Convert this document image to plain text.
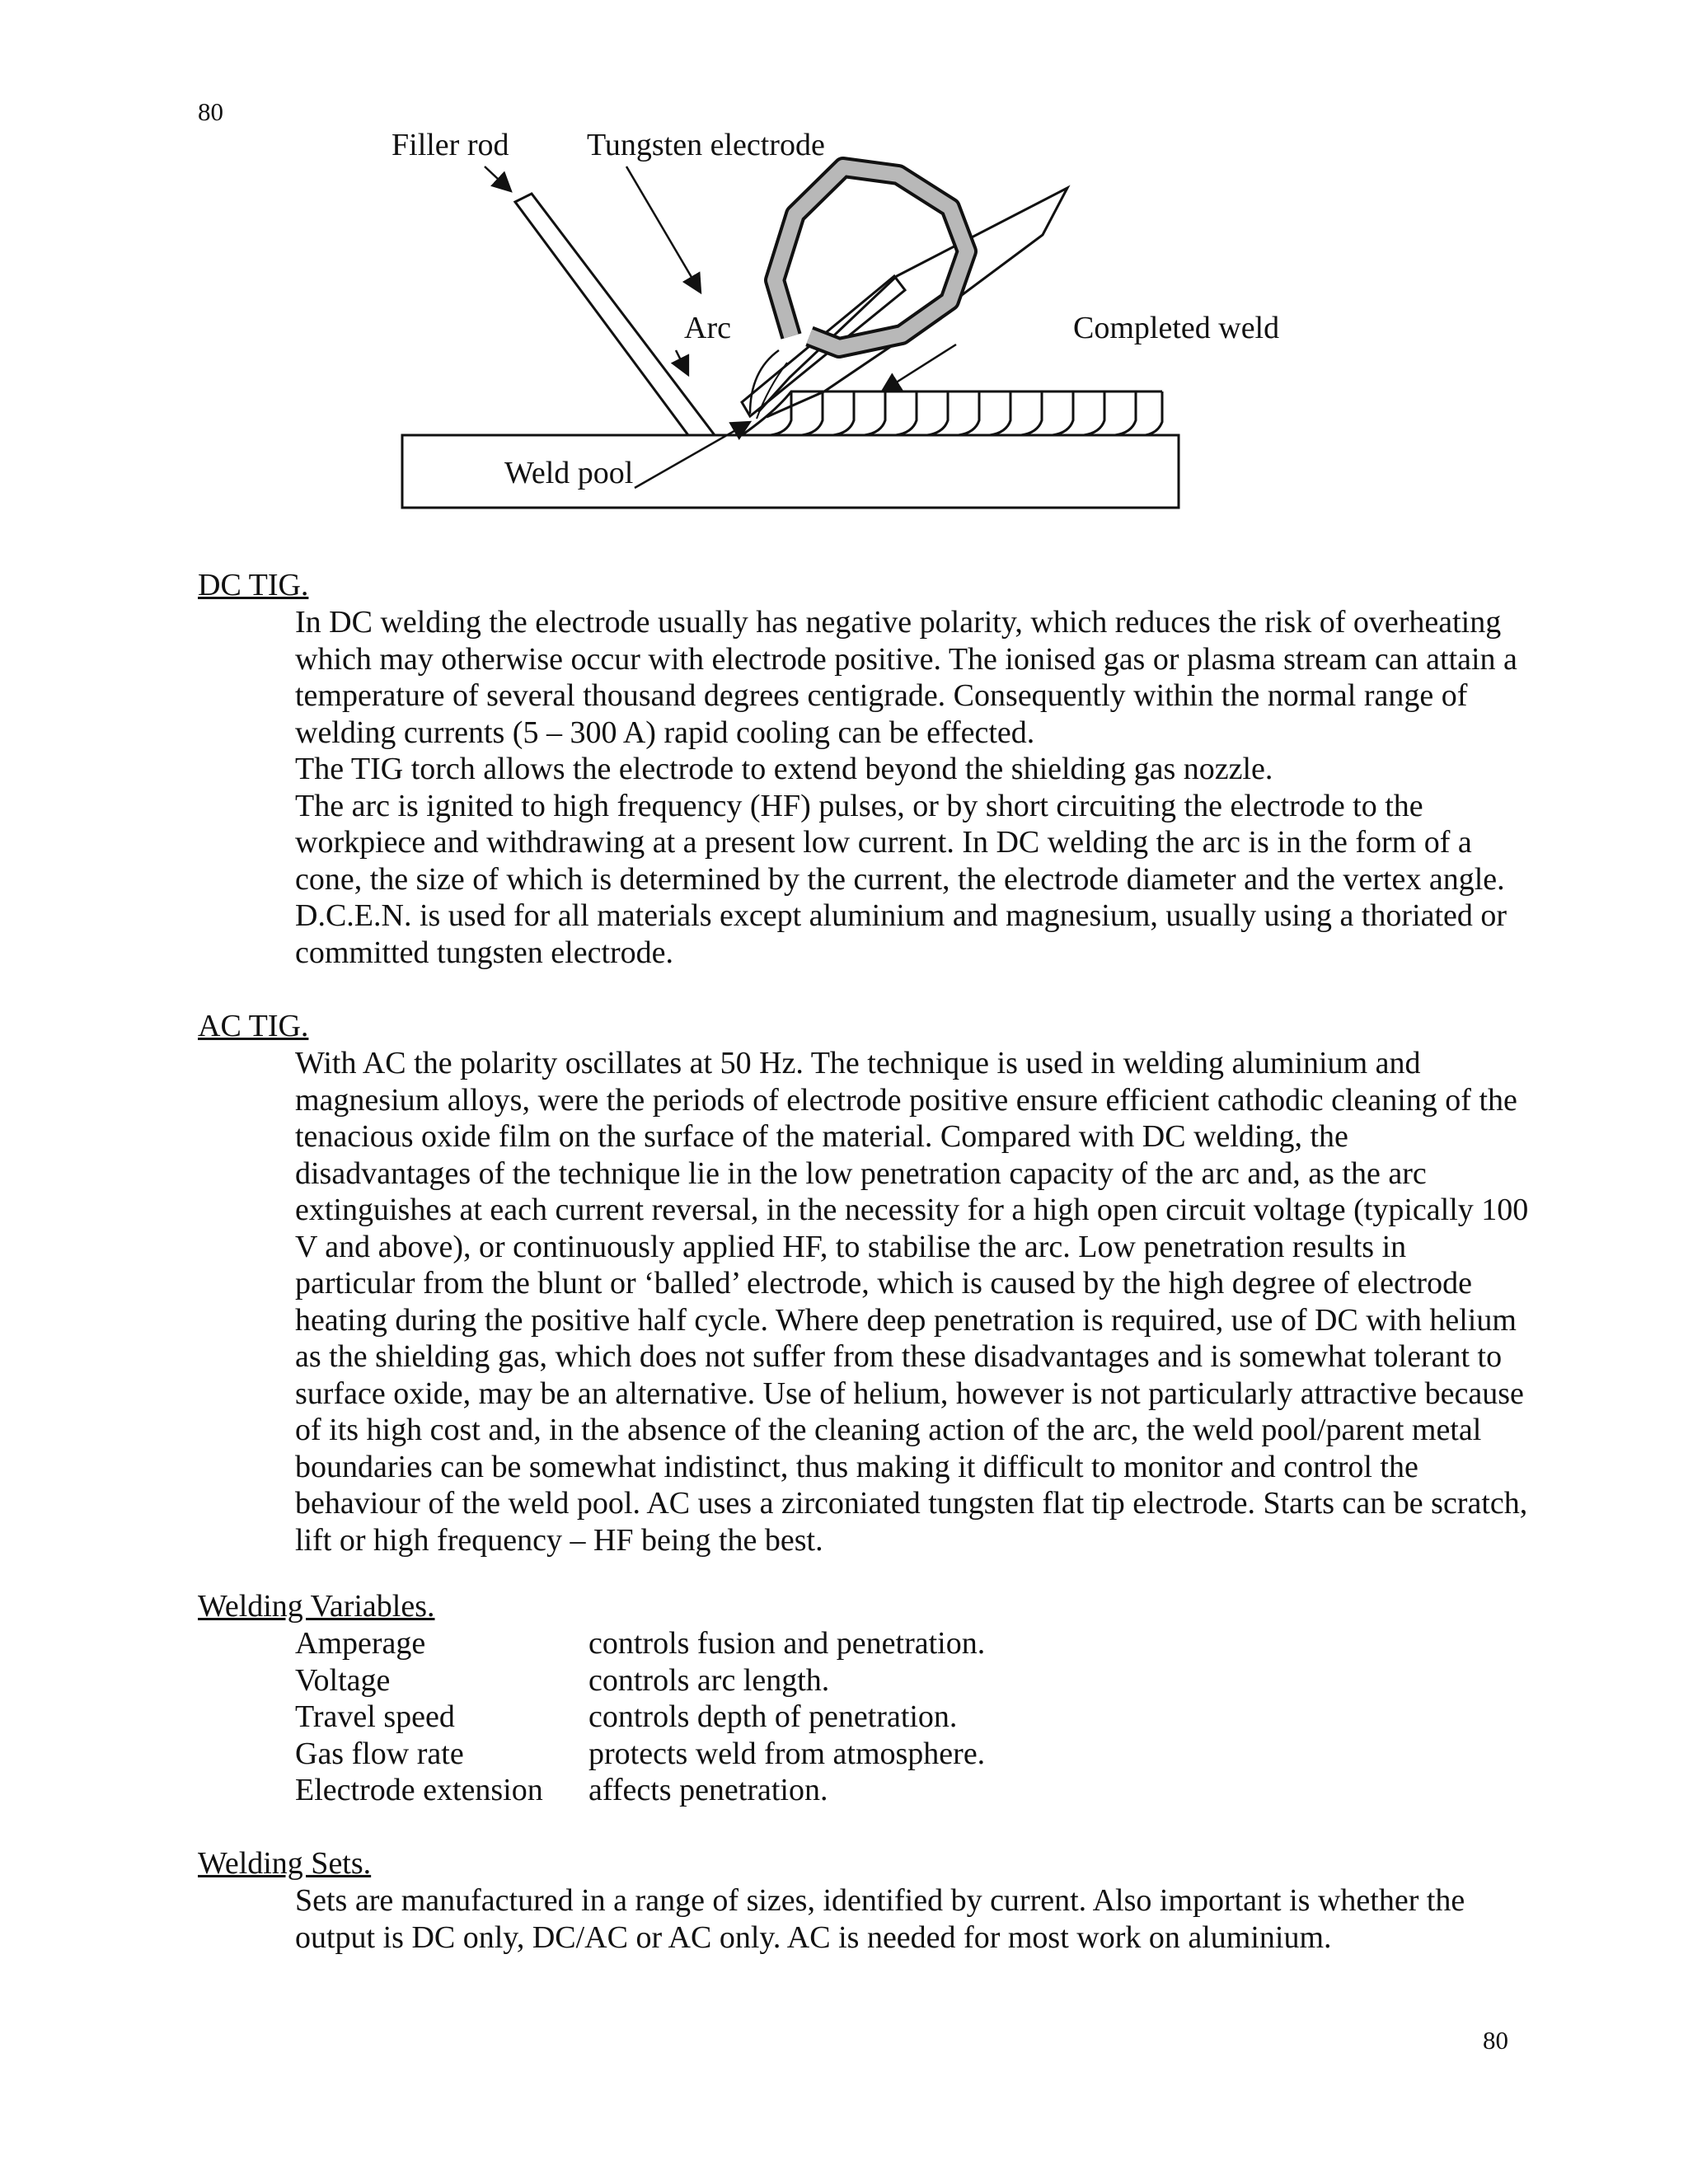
80
Filler rod Tungsten electrode
Arc	Completed weld
Weld pool
DC TIG.

In DC welding the electrode usually has negative polarity, which reduces the risk of overheating which may otherwise occur with electrode positive. The ionised gas or plasma stream can attain a temperature of several thousand degrees centigrade. Consequently within the normal range of welding currents (5 – 300 A) rapid cooling can be effected.

The TIG torch allows the electrode to extend beyond the shielding gas nozzle.

The arc is ignited to high frequency (HF) pulses, or by short circuiting the electrode to the workpiece and withdrawing at a present low current. In DC welding the arc is in the form of a cone, the size of which is determined by the current, the electrode diameter and the vertex angle. D.C.E.N. is used for all materials except aluminium and magnesium, usually using a thoriated or committed tungsten electrode.

AC TIG.

With AC the polarity oscillates at 50 Hz. The technique is used in welding aluminium and magnesium alloys, were the periods of electrode positive ensure efficient cathodic cleaning of the tenacious oxide film on the surface of the material. Compared with DC welding, the disadvantages of the technique lie in the low penetration capacity of the arc and, as the arc extinguishes at each current reversal, in the necessity for a high open circuit voltage (typically 100 V and above), or continuously applied HF, to stabilise the arc. Low penetration results in particular from the blunt or ‘balled’ electrode, which is caused by the high degree of electrode heating during the positive half cycle. Where deep penetration is required, use of DC with helium as the shielding gas, which does not suffer from these disadvantages and is somewhat tolerant to surface oxide, may be an alternative. Use of helium, however is not particularly attractive because of its high cost and, in the absence of the cleaning action of the arc, the weld pool/parent metal boundaries can be somewhat indistinct, thus making it difficult to monitor and control the behaviour of the weld pool. AC uses a zirconiated tungsten flat tip electrode. Starts can be scratch, lift or high frequency – HF being the best.

Welding Variables.
Amperage	controls fusion and penetration.
Voltage	controls arc length.
Travel speed	controls depth of penetration.
Gas flow rate	protects weld from atmosphere.
Electrode extension	affects penetration.
Welding Sets.

Sets are manufactured in a range of sizes, identified by current. Also important is whether the output is DC only, DC/AC or AC only. AC is needed for most work on aluminium.

80
